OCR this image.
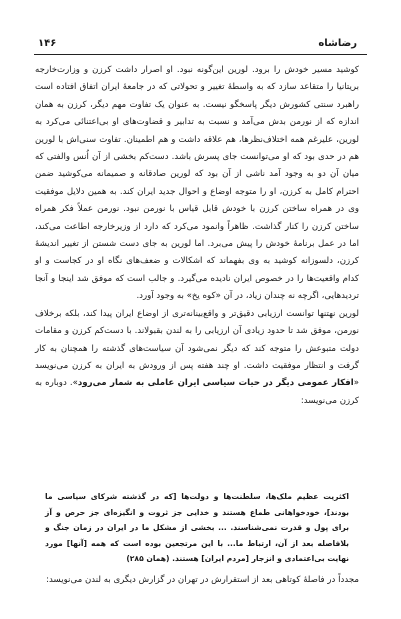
۱۴۶	رضاشاه

کوشید مسیر خودش را برود. لورین این‌گونه نبود. او اصرار داشت کرزن و وزارت‌خارجه بریتانیا را متقاعد سازد که به واسطهٔ تغییر و تحولاتی که در جامعهٔ ایران اتفاق افتاده است راهبرد سنتی کشورش دیگر پاسخگو نیست. به عنوان یک تفاوت مهم دیگر، کرزن به همان اندازه که از نورمن بدش می‌آمد و نسبت به تدابیر و قضاوت‌های او بی‌اعتنائی می‌کرد به لورین، علیرغم همه اختلاف‌نظرها، هم علاقه داشت و هم اطمینان. تفاوت سنی‌اش با لورین هم در حدی بود که او می‌توانست جای پسرش باشد. دست‌کم بخشی از آن اُنس والفتی که میان آن دو به وجود آمد ناشی از آن بود که لورین صادقانه و صمیمانه می‌کوشید ضمن احترام کامل به کرزن، او را متوجه اوضاع و احوال جدید ایران کند. به همین دلایل موفقیت وی در همراه ساختن کرزن با خودش قابل قیاس با نورمن نبود. نورمن عملاً فکر همراه ساختن کرزن را کنار گذاشت. ظاهراً وانمود می‌کرد که دارد از وزیرخارجه اطاعت می‌کند، اما در عمل برنامهٔ خودش را پیش می‌برد. اما لورین به جای دست شستن از تغییر اندیشهٔ کرزن، دلسوزانه کوشید به وی بفهماند که اشکالات و ضعف‌های نگاه او در کجاست و او کدام واقعیت‌ها را در خصوص ایران نادیده می‌گیرد. و جالب است که موفق شد اینجا و آنجا تردیدهایی، اگرچه نه چندان زیاد، در آن «کوه یخ» به وجود آورد.

لورین نهتنها توانست ارزیابی دقیق‌تر و واقع‌بینانه‌تری از اوضاع ایران پیدا کند، بلکه برخلاف نورمن، موفق شد تا حدود زیادی آن ارزیابی را به لندن بقبولاند. با دست‌کم کرزن و مقامات دولت متبوعش را متوجه کند که دیگر نمی‌شود آن سیاست‌های گذشته را همچنان به کار گرفت و انتظار موفقیت داشت. او چند هفته پس از ورودش به ایران به کرزن می‌نویسد «افکار عمومی دیگر در حیات سیاسی ایران عاملی به شمار می‌رود». دوباره به کرزن می‌نویسد:

اکثریت عظیم ملک‌ها، سلطنت‌ها و دولت‌ها [که در گذشته شرکای سیاسی ما بودند]، خودخواهانی طماع هستند و خدایی جز ثروت و انگیزه‌ای جز حرص و آز برای پول و قدرت نمی‌شناسند. ... بخشی از مشکل ما در ایران در زمان جنگ و بلافاصله بعد از آن، ارتباط ما... با این مرتجعین بوده است که همه [آنها] مورد نهایت بی‌اعتمادی و انزجار [مردم ایران] هستند. (همان ۲۸۵)

مجدداً در فاصلهٔ کوتاهی بعد از استقرارش در تهران در گزارش دیگری به لندن می‌نویسد:
